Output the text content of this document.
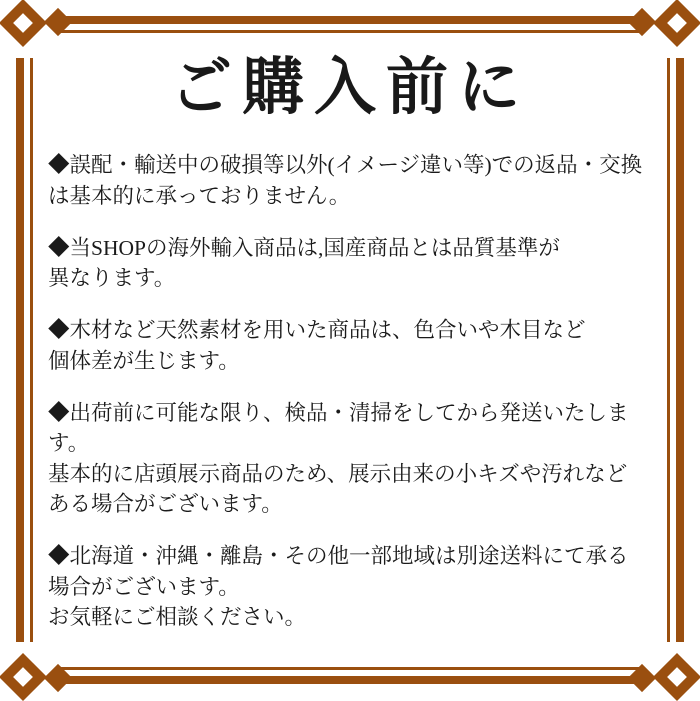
ご購入前に

◆誤配・輸送中の破損等以外(イメージ違い等)での返品・交換
は基本的に承っておりません。

◆当SHOPの海外輸入商品は,国産商品とは品質基準が
異なります。

◆木材など天然素材を用いた商品は、色合いや木目など
個体差が生じます。

◆出荷前に可能な限り、検品・清掃をしてから発送いたします。
基本的に店頭展示商品のため、展示由来の小キズや汚れなど
ある場合がございます。

◆北海道・沖縄・離島・その他一部地域は別途送料にて承る
場合がございます。
お気軽にご相談ください。
